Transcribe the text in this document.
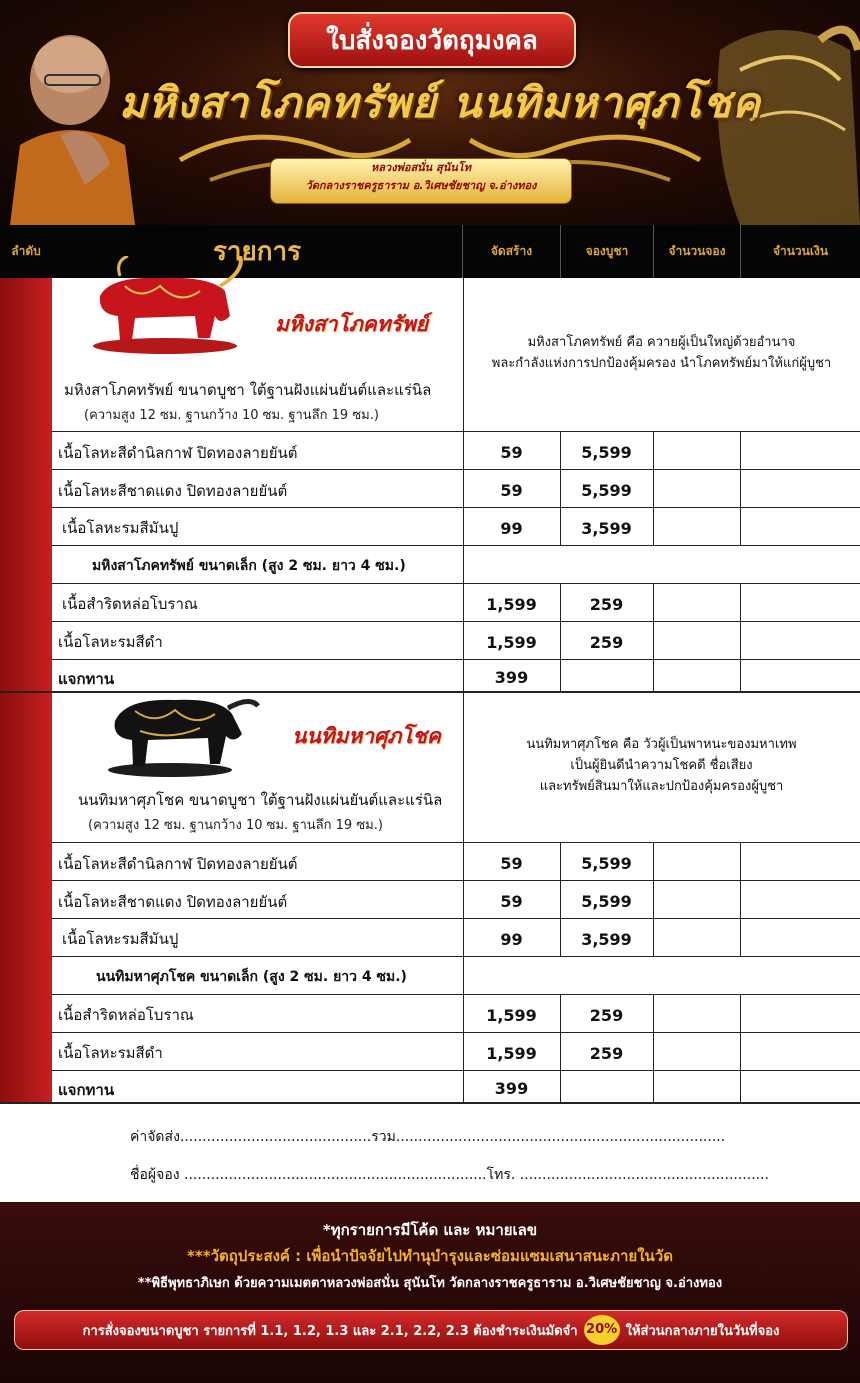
ใบสั่งจองวัตถุมงคล
มหิงสาโภคทรัพย์ นนทิมหาศุภโชค
หลวงพ่อสนั่น สุนันโท
วัดกลางราชครูธาราม อ.วิเศษชัยชาญ จ.อ่างทอง
ลำดับ	รายการ	จัดสร้าง	จองบูชา	จำนวนจอง	จำนวนเงิน
มหิงสาโภคทรัพย์
มหิงสาโภคทรัพย์ คือ ควายผู้เป็นใหญ่ด้วยอำนาจ
พละกำลังแห่งการปกป้องคุ้มครอง นำโภคทรัพย์มาให้แก่ผู้บูชา
1
มหิงสาโภคทรัพย์ ขนาดบูชา ใต้ฐานฝังแผ่นยันต์และแร่นิล
(ความสูง 12 ซม. ฐานกว้าง 10 ซม. ฐานลึก 19 ซม.)
1.1
เนื้อโลหะสีดำนิลกาฬ ปิดทองลายยันต์	59	5,599
1.2
เนื้อโลหะสีชาดแดง ปิดทองลายยันต์	59	5,599
1.3
เนื้อโลหะรมสีมันปู	99	3,599
มหิงสาโภคทรัพย์ ขนาดเล็ก (สูง 2 ซม. ยาว 4 ซม.)
1.4
เนื้อสำริดหล่อโบราณ	1,599	259
1.5
เนื้อโลหะรมสีดำ	1,599	259
1.6
แจกทาน	399
นนทิมหาศุภโชค	นนทิมหาศุภโชค คือ วัวผู้เป็นพาหนะของมหาเทพ
เป็นผู้ยินดีนำความโชคดี ชื่อเสียง
และทรัพย์สินมาให้และปกป้องคุ้มครองผู้บูชา
2
นนทิมหาศุภโชค ขนาดบูชา ใต้ฐานฝังแผ่นยันต์และแร่นิล
(ความสูง 12 ซม. ฐานกว้าง 10 ซม. ฐานลึก 19 ซม.)
2.1
เนื้อโลหะสีดำนิลกาฬ ปิดทองลายยันต์	59	5,599
2.2
เนื้อโลหะสีชาดแดง ปิดทองลายยันต์	59	5,599
2.3
เนื้อโลหะรมสีมันปู	99	3,599
นนทิมหาศุภโชค ขนาดเล็ก (สูง 2 ซม. ยาว 4 ซม.)
2.4
เนื้อสำริดหล่อโบราณ	1,599	259
2.5
เนื้อโลหะรมสีดำ	1,599	259
2.6
แจกทาน	399
ค่าจัดส่ง...........................................รวม..........................................................................
ชื่อผู้จอง ....................................................................โทร. ........................................................
*ทุกรายการมีโค้ด และ หมายเลข
***วัตถุประสงค์ : เพื่อนำปัจจัยไปทำนุบำรุงและซ่อมแซมเสนาสนะภายในวัด
**พิธีพุทธาภิเษก ด้วยความเมตตาหลวงพ่อสนั่น สุนันโท วัดกลางราชครูธาราม อ.วิเศษชัยชาญ จ.อ่างทอง
การสั่งจองขนาดบูชา รายการที่ 1.1, 1.2, 1.3 และ 2.1, 2.2, 2.3 ต้องชำระเงินมัดจำ 20% ให้ส่วนกลางภายในวันที่จอง
